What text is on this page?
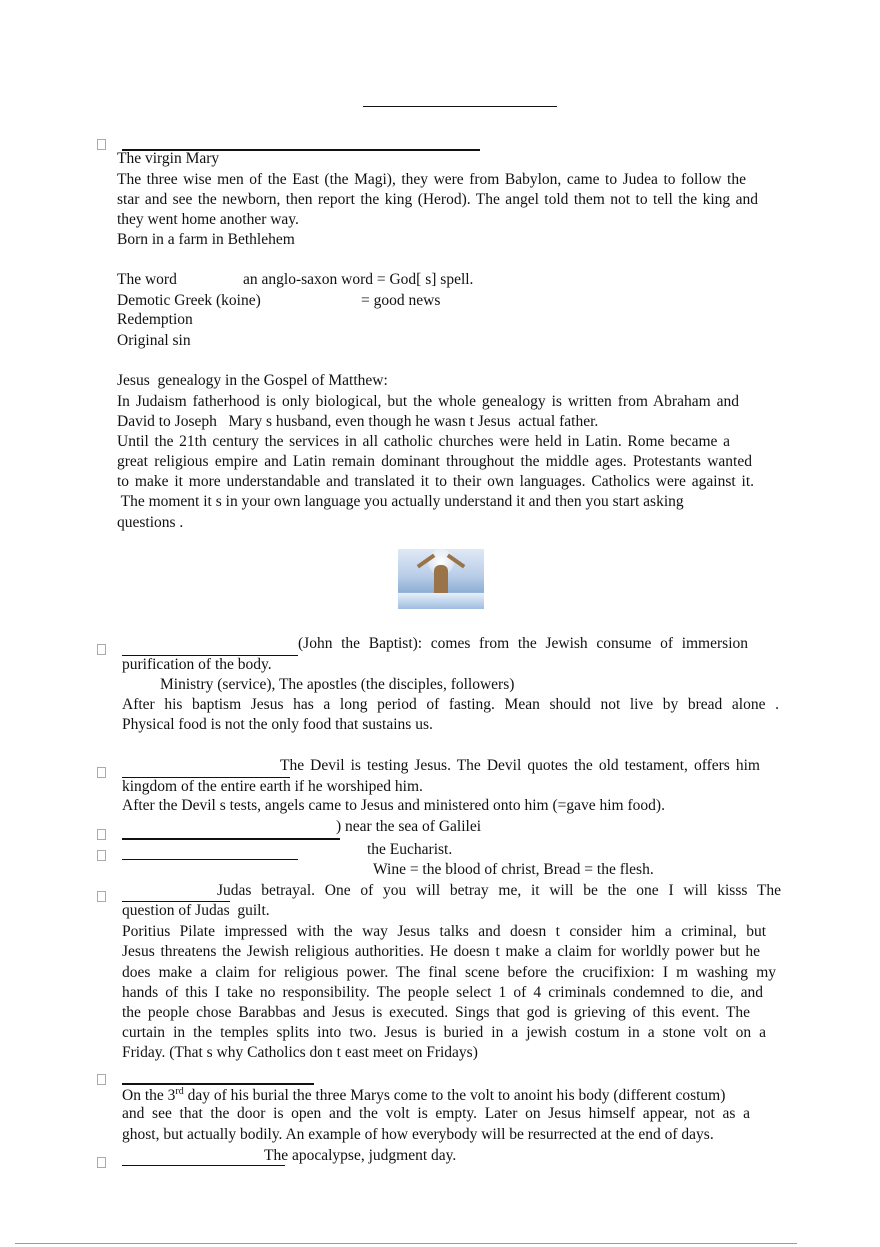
On the 3rd day of his burial the three Marys come to the volt to anoint his body (different costum)
The virgin Mary
The three wise men of the East (the Magi), they were from Babylon, came to Judea to follow the
star and see the newborn, then report the king (Herod). The angel told them not to tell the king and
they went home another way.
Born in a farm in Bethlehem
The word	an anglo-saxon word = God[ s] spell.
Demotic Greek (koine)	= good news
Redemption
Original sin
Jesus  genealogy in the Gospel of Matthew:
In Judaism fatherhood is only biological, but the whole genealogy is written from Abraham and
David to Joseph   Mary s husband, even though he wasn t Jesus  actual father.
Until the 21th century the services in all catholic churches were held in Latin. Rome became a
great religious empire and Latin remain dominant throughout the middle ages. Protestants wanted
to make it more understandable and translated it to their own languages. Catholics were against it.
The moment it s in your own language you actually understand it and then you start asking
questions .
(John the Baptist): comes from the Jewish consume of immersion
purification of the body.
Ministry (service), The apostles (the disciples, followers)
After his baptism Jesus has a long period of fasting. Mean should not live by bread alone .
Physical food is not the only food that sustains us.
The Devil is testing Jesus. The Devil quotes the old testament, offers him
kingdom of the entire earth if he worshiped him.
After the Devil s tests, angels came to Jesus and ministered onto him (=gave him food).
) near the sea of Galilei
the Eucharist.
Wine = the blood of christ, Bread = the flesh.
Judas betrayal. One of you will betray me, it will be the one I will kisss The
question of Judas  guilt.
Poritius Pilate impressed with the way Jesus talks and doesn t consider him a criminal, but
Jesus threatens the Jewish religious authorities. He doesn t make a claim for worldly power but he
does make a claim for religious power. The final scene before the crucifixion: I m washing my
hands of this I take no responsibility. The people select 1 of 4 criminals condemned to die, and
the people chose Barabbas and Jesus is executed. Sings that god is grieving of this event. The
curtain in the temples splits into two. Jesus is buried in a jewish costum in a stone volt on a
Friday. (That s why Catholics don t east meet on Fridays)
and see that the door is open and the volt is empty. Later on Jesus himself appear, not as a
ghost, but actually bodily. An example of how everybody will be resurrected at the end of days.
The apocalypse, judgment day.
